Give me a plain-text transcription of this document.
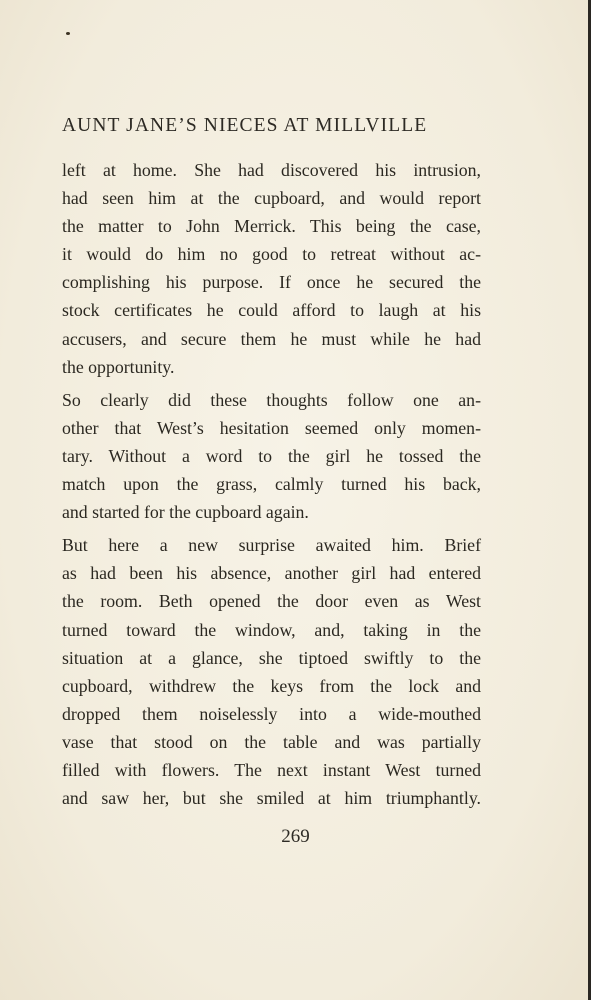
AUNT JANE’S NIECES AT MILLVILLE
left at home. She had discovered his intrusion,
had seen him at the cupboard, and would report
the matter to John Merrick. This being the case,
it would do him no good to retreat without ac-
complishing his purpose. If once he secured the
stock certificates he could afford to laugh at his
accusers, and secure them he must while he had
the opportunity.
So clearly did these thoughts follow one an-
other that West’s hesitation seemed only momen-
tary. Without a word to the girl he tossed the
match upon the grass, calmly turned his back,
and started for the cupboard again.
But here a new surprise awaited him. Brief
as had been his absence, another girl had entered
the room. Beth opened the door even as West
turned toward the window, and, taking in the
situation at a glance, she tiptoed swiftly to the
cupboard, withdrew the keys from the lock and
dropped them noiselessly into a wide-mouthed
vase that stood on the table and was partially
filled with flowers. The next instant West turned
and saw her, but she smiled at him triumphantly.
269
